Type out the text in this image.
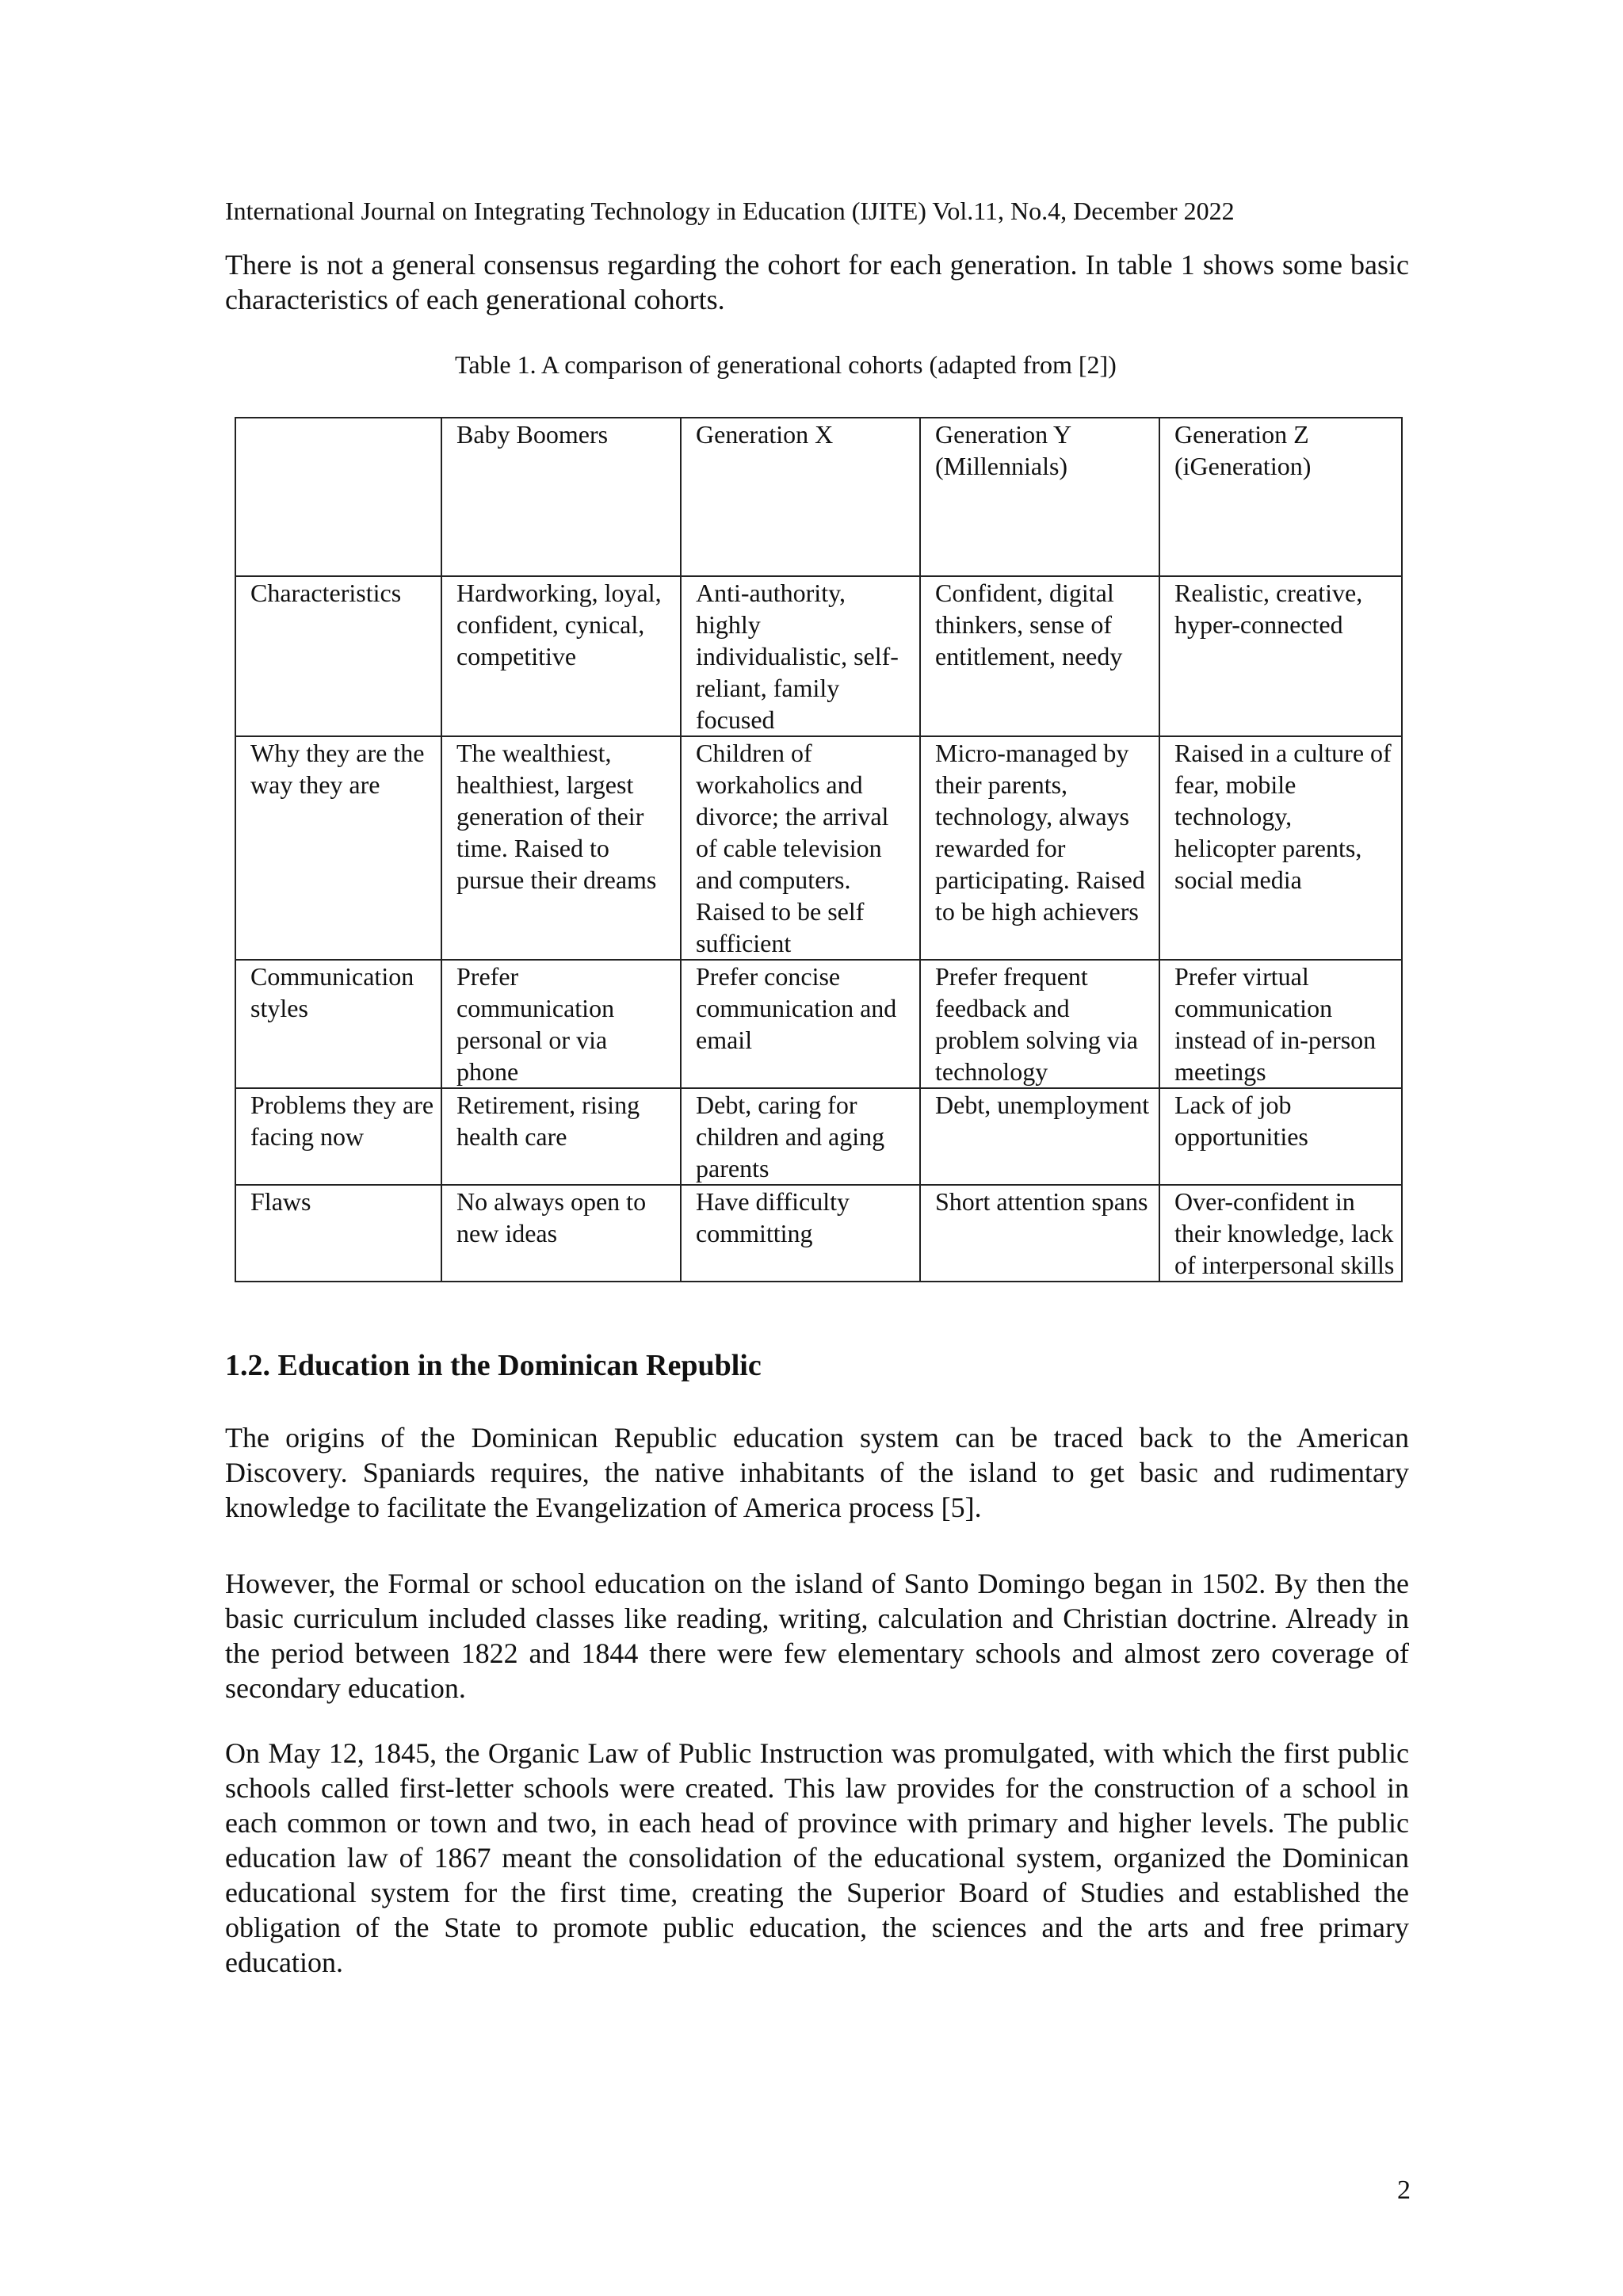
International Journal on Integrating Technology in Education (IJITE) Vol.11, No.4, December 2022

There is not a general consensus regarding the cohort for each generation. In table 1 shows some basic characteristics of each generational cohorts.

Table 1. A comparison of generational cohorts (adapted from [2])
	Baby Boomers	Generation X	Generation Y (Millennials)	Generation Z (iGeneration)
Characteristics	Hardworking, loyal, confident, cynical, competitive	Anti-authority, highly individualistic, self-reliant, family focused	Confident, digital thinkers, sense of entitlement, needy	Realistic, creative, hyper-connected
Why they are the way they are	The wealthiest, healthiest, largest generation of their time. Raised to pursue their dreams	Children of workaholics and divorce; the arrival of cable television and computers. Raised to be self sufficient	Micro-managed by their parents, technology, always rewarded for participating. Raised to be high achievers	Raised in a culture of fear, mobile technology, helicopter parents, social media
Communication styles	Prefer communication personal or via phone	Prefer concise communication and email	Prefer frequent feedback and problem solving via technology	Prefer virtual communication instead of in-person meetings
Problems they are facing now	Retirement, rising health care	Debt, caring for children and aging parents	Debt, unemployment	Lack of job opportunities
Flaws	No always open to new ideas	Have difficulty committing	Short attention spans	Over-confident in their knowledge, lack of interpersonal skills
1.2. Education in the Dominican Republic

The origins of the Dominican Republic education system can be traced back to the American Discovery. Spaniards requires, the native inhabitants of the island to get basic and rudimentary knowledge to facilitate the Evangelization of America process [5].

However, the Formal or school education on the island of Santo Domingo began in 1502. By then the basic curriculum included classes like reading, writing, calculation and Christian doctrine. Already in the period between 1822 and 1844 there were few elementary schools and almost zero coverage of secondary education.

On May 12, 1845, the Organic Law of Public Instruction was promulgated, with which the first public schools called first-letter schools were created. This law provides for the construction of a school in each common or town and two, in each head of province with primary and higher levels. The public education law of 1867 meant the consolidation of the educational system, organized the Dominican educational system for the first time, creating the Superior Board of Studies and established the obligation of the State to promote public education, the sciences and the arts and free primary education.

2
